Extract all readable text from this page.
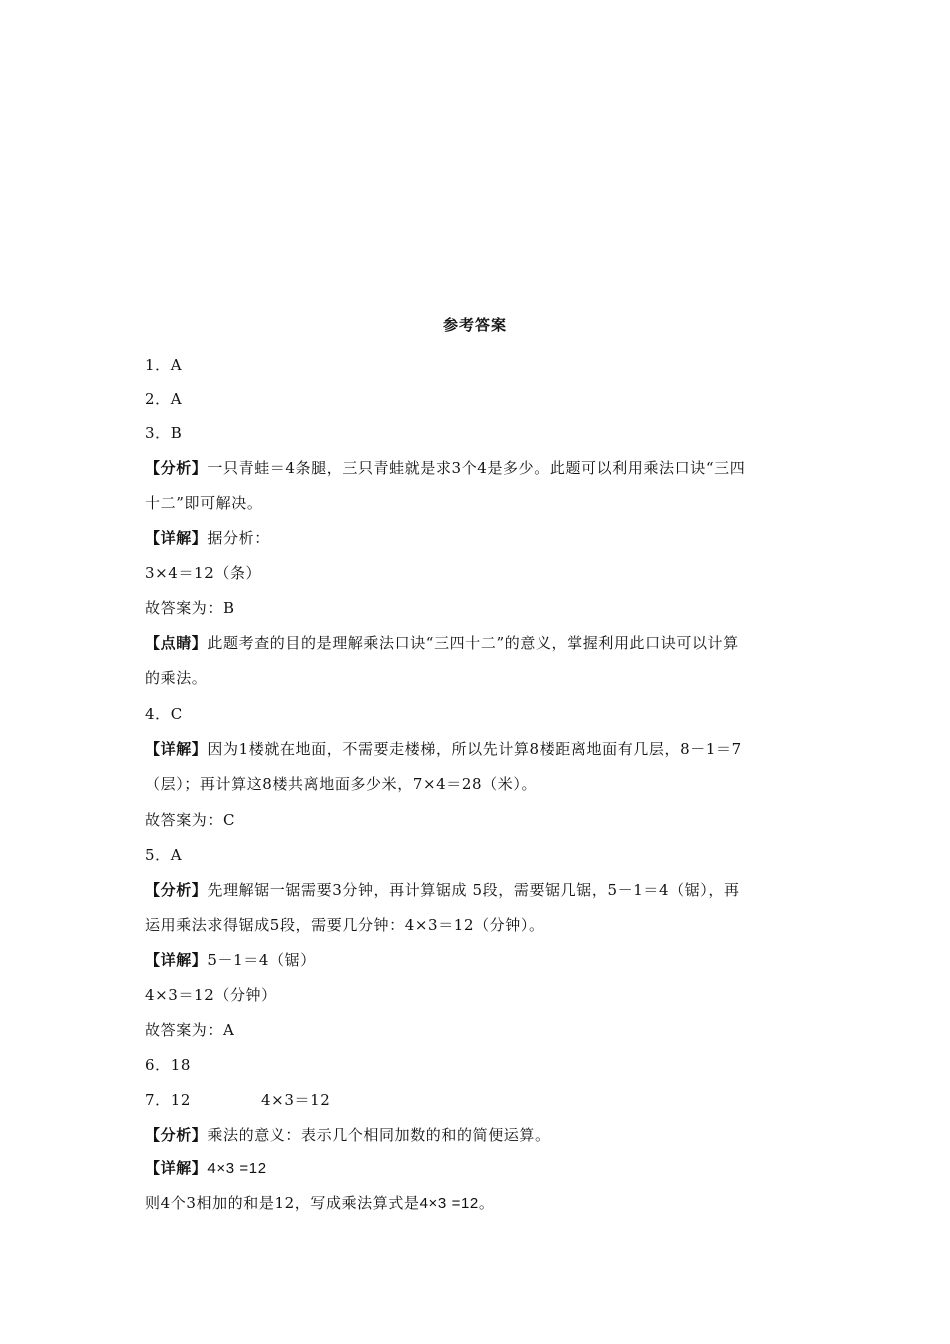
参考答案
1．A
2．A
3．B
【分析】一只青蛙＝4条腿，三只青蛙就是求3个4是多少。此题可以利用乘法口诀“三四
十二”即可解决。
【详解】据分析：
3×4＝12（条）
故答案为：B
【点睛】此题考查的目的是理解乘法口诀“三四十二”的意义，掌握利用此口诀可以计算
的乘法。
4．C
【详解】因为1楼就在地面，不需要走楼梯，所以先计算8楼距离地面有几层，8－1＝7
（层）；再计算这8楼共离地面多少米，7×4＝28（米）。
故答案为：C
5．A
【分析】先理解锯一锯需要3分钟，再计算锯成 5段，需要锯几锯，5－1＝4（锯），再
运用乘法求得锯成5段，需要几分钟：4×3＝12（分钟）。
【详解】5－1＝4（锯）
4×3＝12（分钟）
故答案为：A
6．18
7．12	4×3＝12
【分析】乘法的意义：表示几个相同加数的和的简便运算。
【详解】4×3 =12
则4个3相加的和是12，写成乘法算式是4×3 =12。
